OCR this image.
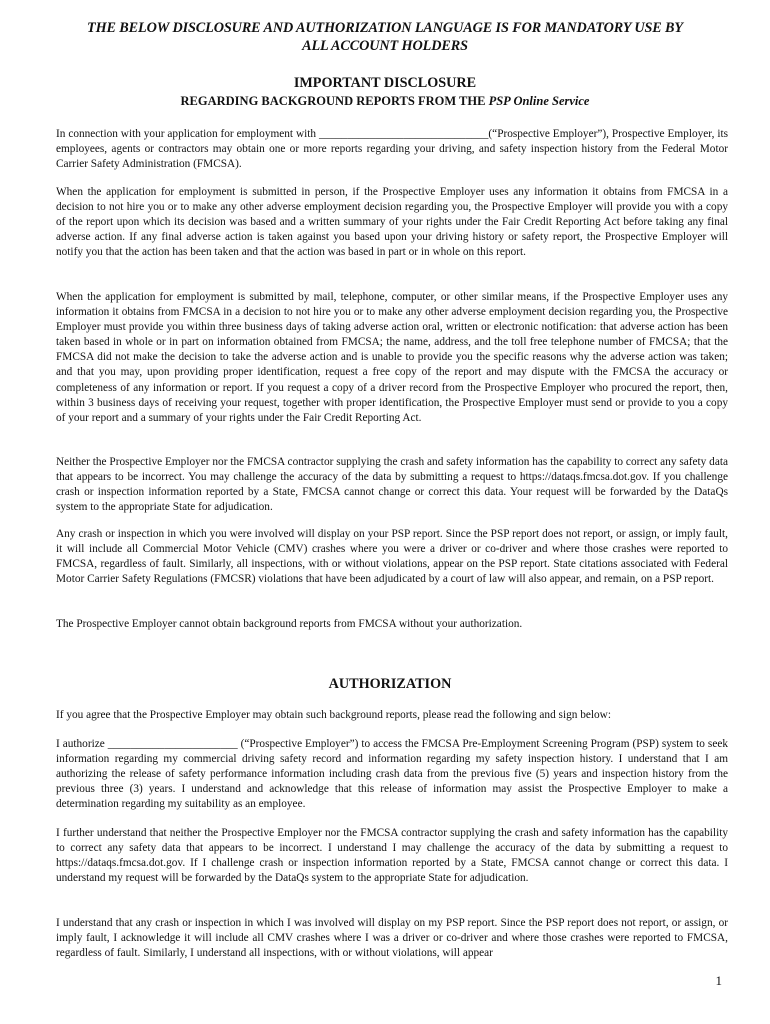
THE BELOW DISCLOSURE AND AUTHORIZATION LANGUAGE IS FOR MANDATORY USE BY
ALL ACCOUNT HOLDERS
IMPORTANT DISCLOSURE
REGARDING BACKGROUND REPORTS FROM THE PSP Online Service

In connection with your application for employment with ______________________________(“Prospective Employer”), Prospective Employer, its employees, agents or contractors may obtain one or more reports regarding your driving, and safety inspection history from the Federal Motor Carrier Safety Administration (FMCSA).

When the application for employment is submitted in person, if the Prospective Employer uses any information it obtains from FMCSA in a decision to not hire you or to make any other adverse employment decision regarding you, the Prospective Employer will provide you with a copy of the report upon which its decision was based and a written summary of your rights under the Fair Credit Reporting Act before taking any final adverse action. If any final adverse action is taken against you based upon your driving history or safety report, the Prospective Employer will notify you that the action has been taken and that the action was based in part or in whole on this report.

When the application for employment is submitted by mail, telephone, computer, or other similar means, if the Prospective Employer uses any information it obtains from FMCSA in a decision to not hire you or to make any other adverse employment decision regarding you, the Prospective Employer must provide you within three business days of taking adverse action oral, written or electronic notification: that adverse action has been taken based in whole or in part on information obtained from FMCSA; the name, address, and the toll free telephone number of FMCSA; that the FMCSA did not make the decision to take the adverse action and is unable to provide you the specific reasons why the adverse action was taken; and that you may, upon providing proper identification, request a free copy of the report and may dispute with the FMCSA the accuracy or completeness of any information or report. If you request a copy of a driver record from the Prospective Employer who procured the report, then, within 3 business days of receiving your request, together with proper identification, the Prospective Employer must send or provide to you a copy of your report and a summary of your rights under the Fair Credit Reporting Act.

Neither the Prospective Employer nor the FMCSA contractor supplying the crash and safety information has the capability to correct any safety data that appears to be incorrect. You may challenge the accuracy of the data by submitting a request to https://dataqs.fmcsa.dot.gov. If you challenge crash or inspection information reported by a State, FMCSA cannot change or correct this data. Your request will be forwarded by the DataQs system to the appropriate State for adjudication.

Any crash or inspection in which you were involved will display on your PSP report. Since the PSP report does not report, or assign, or imply fault, it will include all Commercial Motor Vehicle (CMV) crashes where you were a driver or co-driver and where those crashes were reported to FMCSA, regardless of fault. Similarly, all inspections, with or without violations, appear on the PSP report. State citations associated with Federal Motor Carrier Safety Regulations (FMCSR) violations that have been adjudicated by a court of law will also appear, and remain, on a PSP report.

The Prospective Employer cannot obtain background reports from FMCSA without your authorization.

AUTHORIZATION

If you agree that the Prospective Employer may obtain such background reports, please read the following and sign below:

I authorize _______________________ (“Prospective Employer”) to access the FMCSA Pre-Employment Screening Program (PSP) system to seek information regarding my commercial driving safety record and information regarding my safety inspection history. I understand that I am authorizing the release of safety performance information including crash data from the previous five (5) years and inspection history from the previous three (3) years. I understand and acknowledge that this release of information may assist the Prospective Employer to make a determination regarding my suitability as an employee.

I further understand that neither the Prospective Employer nor the FMCSA contractor supplying the crash and safety information has the capability to correct any safety data that appears to be incorrect. I understand I may challenge the accuracy of the data by submitting a request to https://dataqs.fmcsa.dot.gov. If I challenge crash or inspection information reported by a State, FMCSA cannot change or correct this data. I understand my request will be forwarded by the DataQs system to the appropriate State for adjudication.

I understand that any crash or inspection in which I was involved will display on my PSP report. Since the PSP report does not report, or assign, or imply fault, I acknowledge it will include all CMV crashes where I was a driver or co-driver and where those crashes were reported to FMCSA, regardless of fault. Similarly, I understand all inspections, with or without violations, will appear

1
